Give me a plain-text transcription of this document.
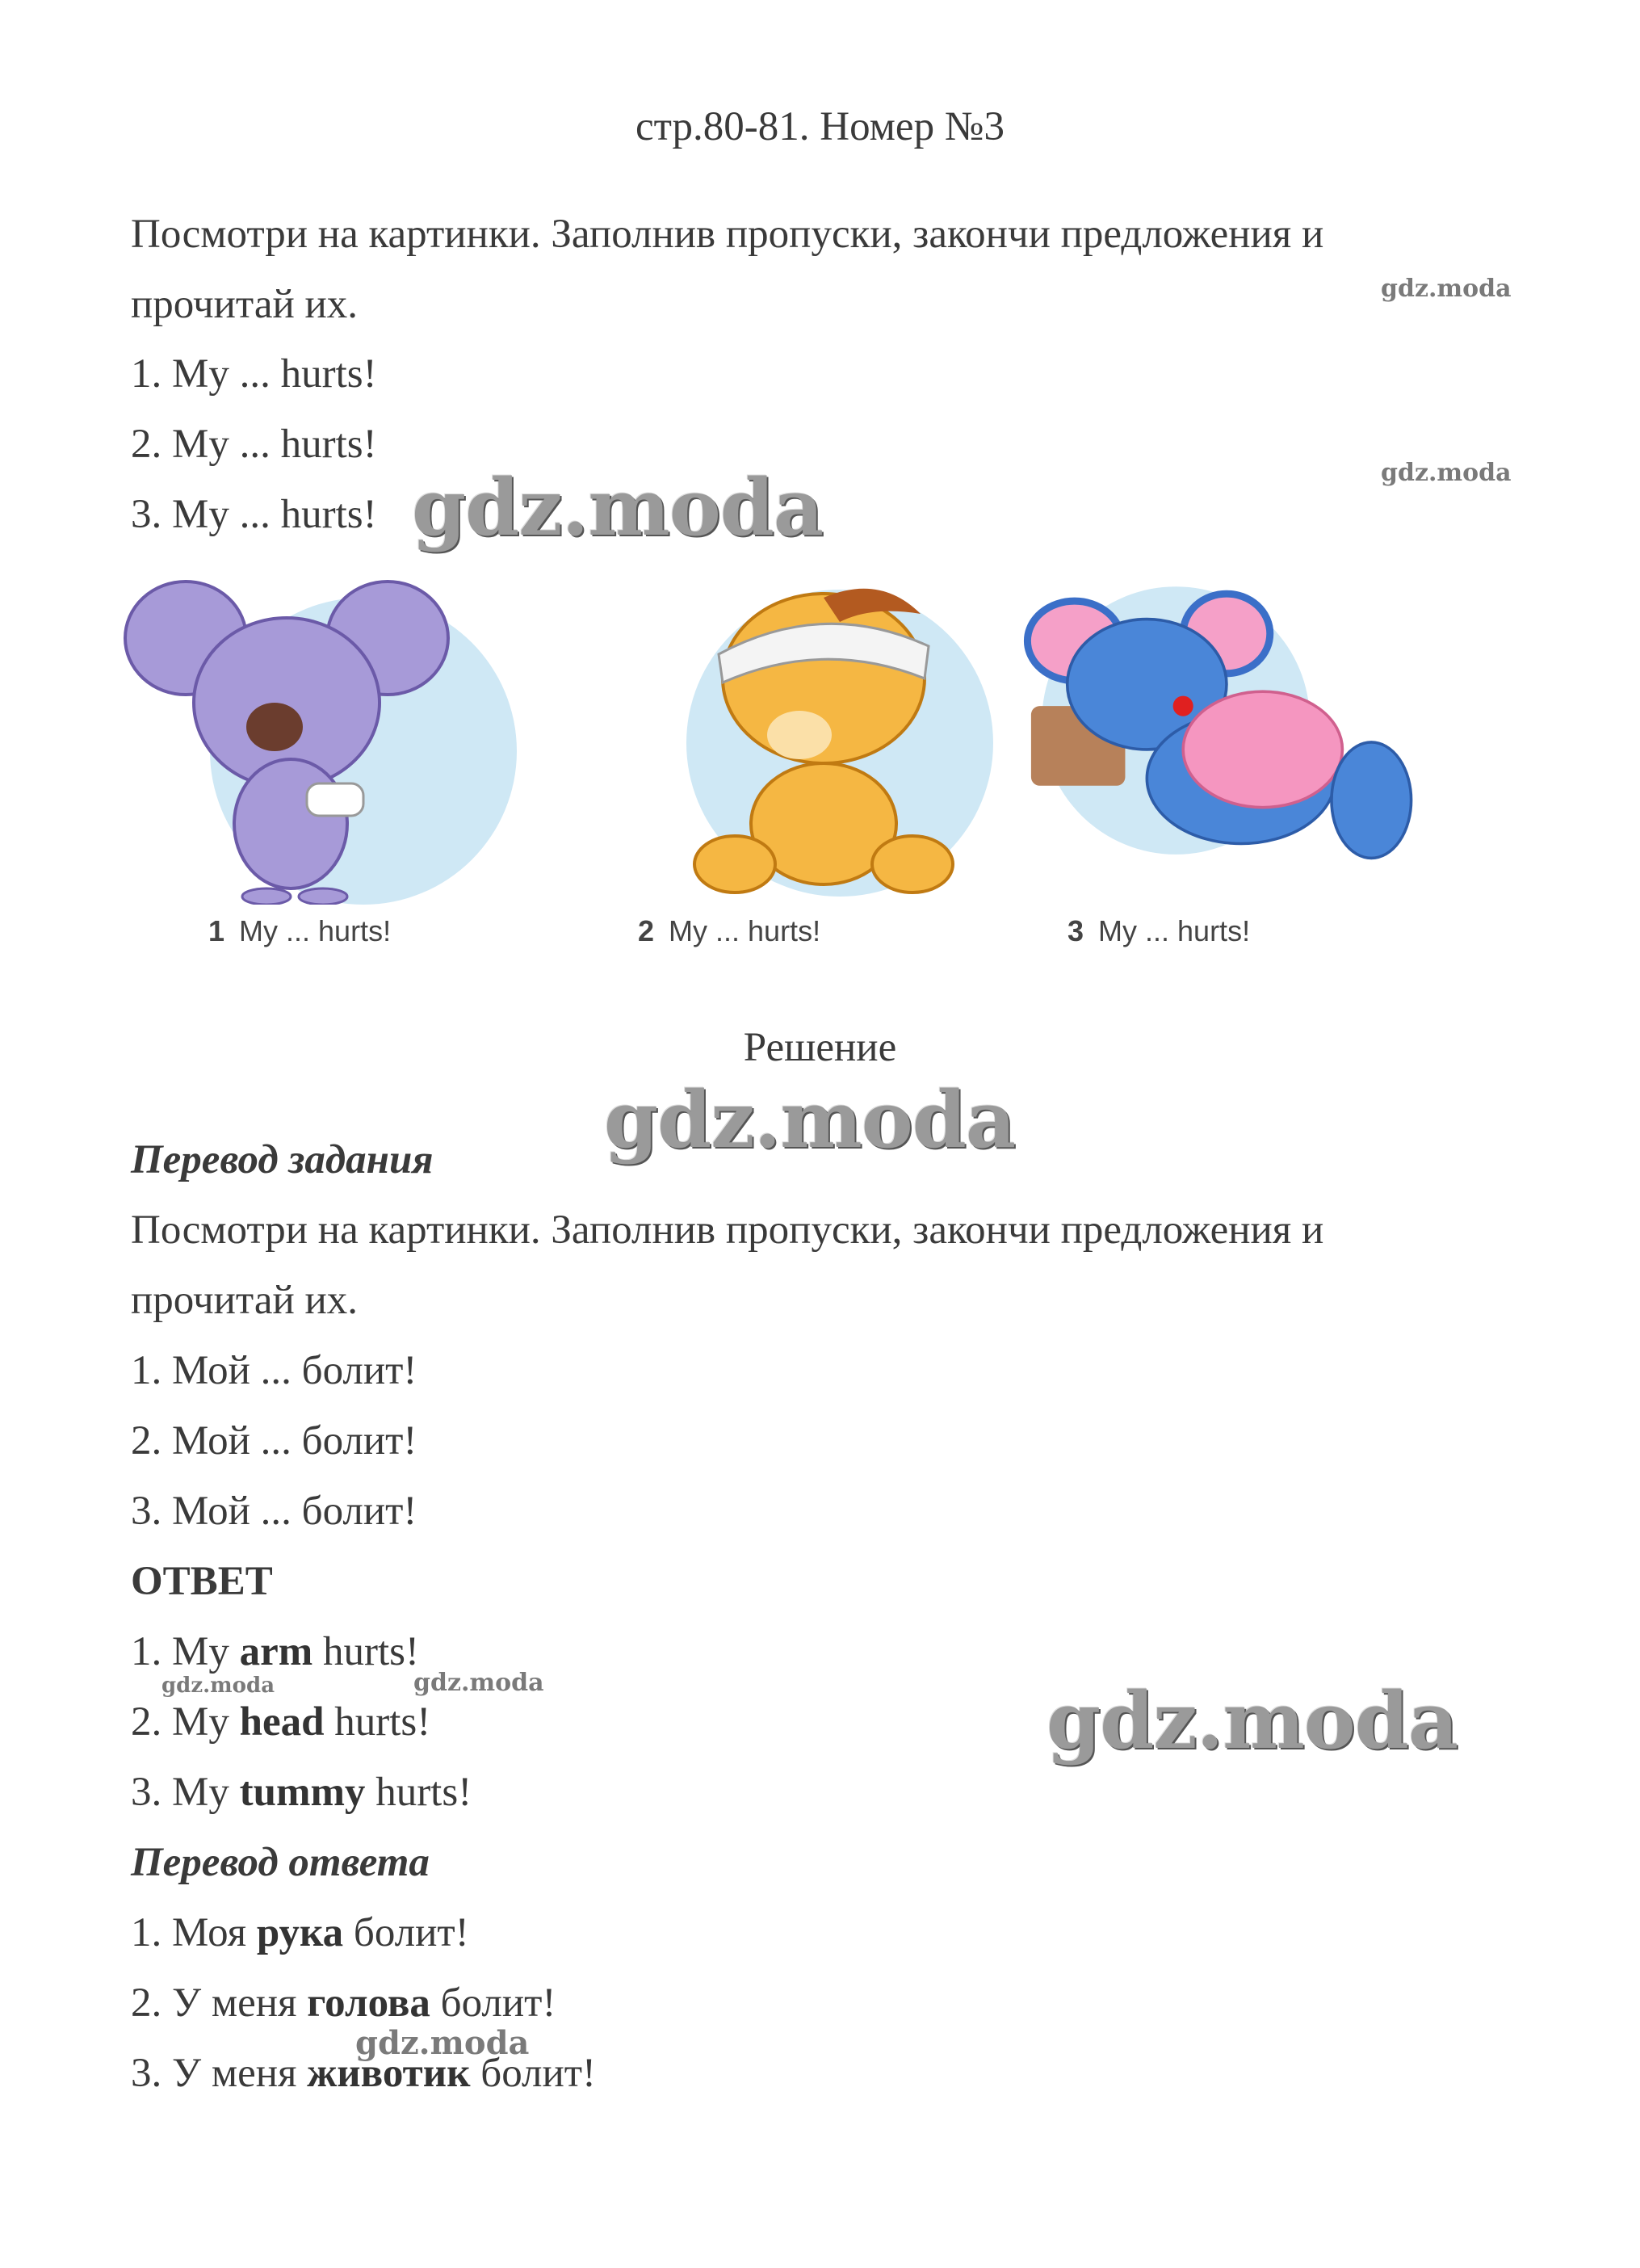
стр.80-81. Номер №3
Посмотри на картинки. Заполнив пропуски, закончи предложения и
прочитай их.
1. My ... hurts!
2. My ... hurts!
3. My ... hurts!
1 My ... hurts!	2 My ... hurts!	3 My ... hurts!
Решение
Перевод задания
Посмотри на картинки. Заполнив пропуски, закончи предложения и
прочитай их.
1. Мой ... болит!
2. Мой ... болит!
3. Мой ... болит!
ОТВЕТ
1. My arm hurts!
2. My head hurts!
3. My tummy hurts!
Перевод ответа
1. Моя рука болит!
2. У меня голова болит!
3. У меня животик болит!
gdz.moda
gdz.moda
gdz.moda
gdz.moda
gdz.moda	gdz.moda	gdz.moda
gdz.moda
